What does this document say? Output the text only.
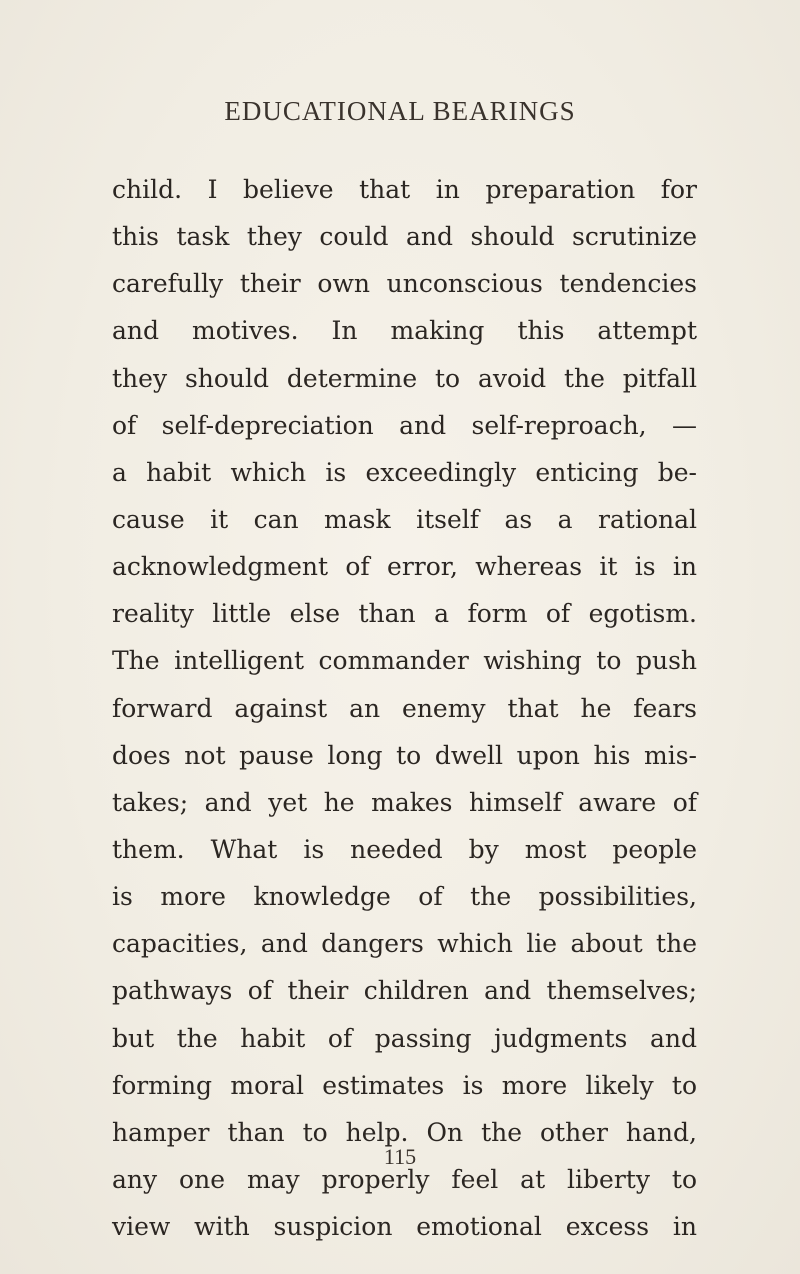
EDUCATIONAL BEARINGS
child. I believe that in preparation for
this task they could and should scrutinize
carefully their own unconscious tendencies
and motives. In making this attempt
they should determine to avoid the pitfall
of self-depreciation and self-reproach, —
a habit which is exceedingly enticing be-
cause it can mask itself as a rational
acknowledgment of error, whereas it is in
reality little else than a form of egotism.
The intelligent commander wishing to push
forward against an enemy that he fears
does not pause long to dwell upon his mis-
takes; and yet he makes himself aware of
them. What is needed by most people
is more knowledge of the possibilities,
capacities, and dangers which lie about the
pathways of their children and themselves;
but the habit of passing judgments and
forming moral estimates is more likely to
hamper than to help. On the other hand,
any one may properly feel at liberty to
view with suspicion emotional excess in
115
